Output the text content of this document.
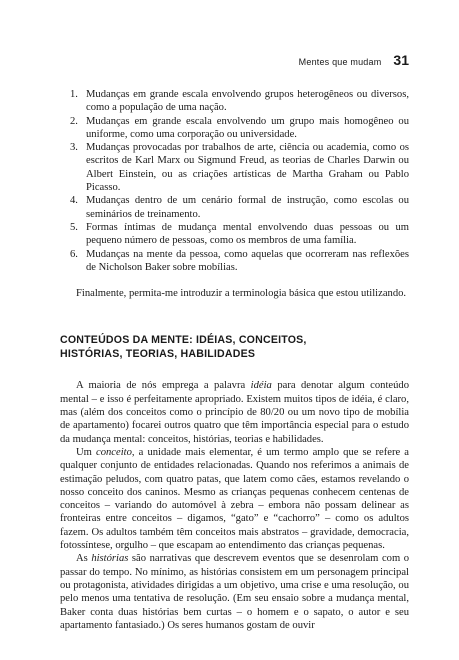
Mentes que mudam 31
1. Mudanças em grande escala envolvendo grupos heterogêneos ou diversos, como a população de uma nação.
2. Mudanças em grande escala envolvendo um grupo mais homogêneo ou uniforme, como uma corporação ou universidade.
3. Mudanças provocadas por trabalhos de arte, ciência ou academia, como os escritos de Karl Marx ou Sigmund Freud, as teorias de Charles Darwin ou Albert Einstein, ou as criações artísticas de Martha Graham ou Pablo Picasso.
4. Mudanças dentro de um cenário formal de instrução, como escolas ou seminários de treinamento.
5. Formas íntimas de mudança mental envolvendo duas pessoas ou um pequeno número de pessoas, como os membros de uma família.
6. Mudanças na mente da pessoa, como aquelas que ocorreram nas reflexões de Nicholson Baker sobre mobílias.

Finalmente, permita-me introduzir a terminologia básica que estou utilizando.

CONTEÚDOS DA MENTE: IDÉIAS, CONCEITOS,
HISTÓRIAS, TEORIAS, HABILIDADES

A maioria de nós emprega a palavra idéia para denotar algum conteúdo mental – e isso é perfeitamente apropriado. Existem muitos tipos de idéia, é claro, mas (além dos conceitos como o princípio de 80/20 ou um novo tipo de mobília de apartamento) focarei outros quatro que têm importância especial para o estudo da mudança mental: conceitos, histórias, teorias e habilidades.

Um conceito, a unidade mais elementar, é um termo amplo que se refere a qualquer conjunto de entidades relacionadas. Quando nos referimos a animais de estimação peludos, com quatro patas, que latem como cães, estamos revelando o nosso conceito dos caninos. Mesmo as crianças pequenas conhecem centenas de conceitos – variando do automóvel à zebra – embora não possam delinear as fronteiras entre conceitos – digamos, “gato” e “cachorro” – como os adultos fazem. Os adultos também têm conceitos mais abstratos – gravidade, democracia, fotossíntese, orgulho – que escapam ao entendimento das crianças pequenas.

As histórias são narrativas que descrevem eventos que se desenrolam com o passar do tempo. No mínimo, as histórias consistem em um personagem principal ou protagonista, atividades dirigidas a um objetivo, uma crise e uma resolução, ou pelo menos uma tentativa de resolução. (Em seu ensaio sobre a mudança mental, Baker conta duas histórias bem curtas – o homem e o sapato, o autor e seu apartamento fantasiado.) Os seres humanos gostam de ouvir
